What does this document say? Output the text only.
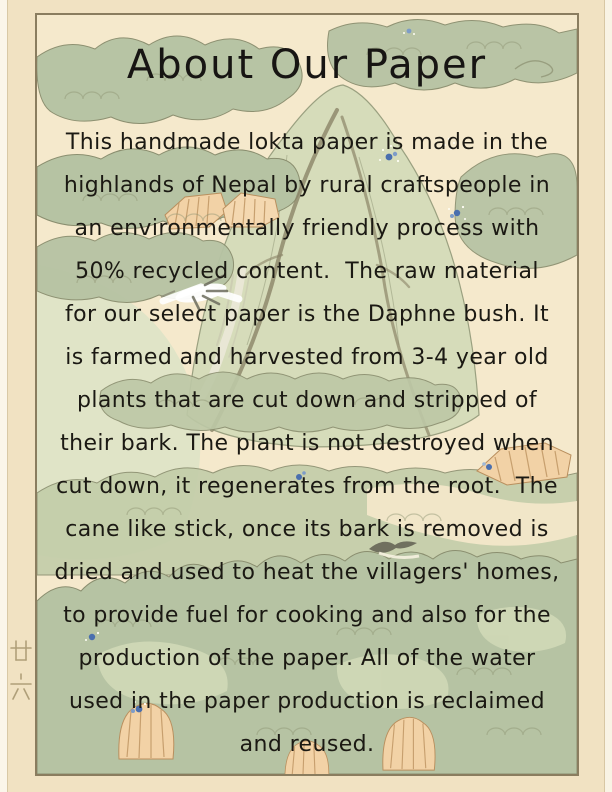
About Our Paper
This handmade lokta paper is made in the
highlands of Nepal by rural craftspeople in
an environmentally friendly process with
50% recycled content.  The raw material
for our select paper is the Daphne bush. It
is farmed and harvested from 3-4 year old
plants that are cut down and stripped of
their bark. The plant is not destroyed when
cut down, it regenerates from the root.  The
cane like stick, once its bark is removed is
dried and used to heat the villagers' homes,
to provide fuel for cooking and also for the
production of the paper. All of the water
used in the paper production is reclaimed
and reused.
